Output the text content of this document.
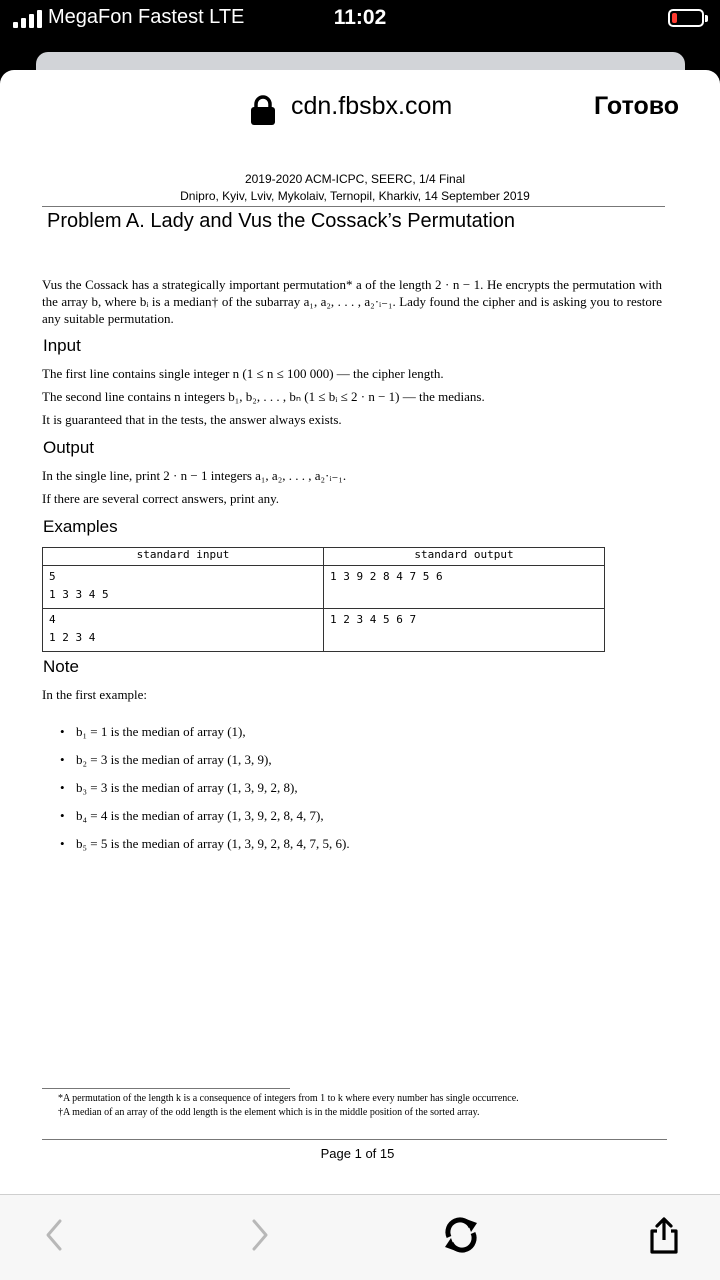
MegaFon Fastest LTE	11:02
cdn.fbsbx.com	Готово
2019-2020 ACM-ICPC, SEERC, 1/4 Final
Dnipro, Kyiv, Lviv, Mykolaiv, Ternopil, Kharkiv, 14 September 2019
Problem A. Lady and Vus the Cossack’s Permutation
Vus the Cossack has a strategically important permutation* a of the length 2 · n − 1. He encrypts the permutation with the array b, where bᵢ is a median† of the subarray a₁, a₂, . . . , a₂·ᵢ₋₁. Lady found the cipher and is asking you to restore any suitable permutation.
Input
The first line contains single integer n (1 ≤ n ≤ 100 000) — the cipher length.
The second line contains n integers b₁, b₂, . . . , bₙ (1 ≤ bᵢ ≤ 2 · n − 1) — the medians.
It is guaranteed that in the tests, the answer always exists.
Output
In the single line, print 2 · n − 1 integers a₁, a₂, . . . , a₂·ᵢ₋₁.
If there are several correct answers, print any.
Examples
standard input	standard output
5
1 3 3 4 5	1 3 9 2 8 4 7 5 6
4
1 2 3 4	1 2 3 4 5 6 7
Note
In the first example:
b₁ = 1 is the median of array (1),
b₂ = 3 is the median of array (1, 3, 9),
b₃ = 3 is the median of array (1, 3, 9, 2, 8),
b₄ = 4 is the median of array (1, 3, 9, 2, 8, 4, 7),
b₅ = 5 is the median of array (1, 3, 9, 2, 8, 4, 7, 5, 6).
*A permutation of the length k is a consequence of integers from 1 to k where every number has single occurrence.
†A median of an array of the odd length is the element which is in the middle position of the sorted array.
Page 1 of 15
